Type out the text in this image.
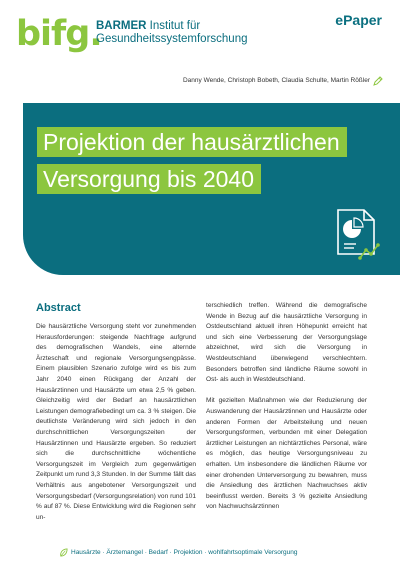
bifg.
BARMER Institut für
Gesundheitssystemforschung
ePaper
Danny Wende, Christoph Bobeth, Claudia Schulte, Martin Rößler
Projektion der hausärztlichen
Versorgung bis 2040
Abstract

Die hausärztliche Versorgung steht vor zunehmenden Herausforderungen: steigende Nachfrage aufgrund des demografischen Wandels, eine alternde Ärzteschaft und regionale Versorgungsengpässe. Einem plausiblen Szenario zufolge wird es bis zum Jahr 2040 einen Rückgang der Anzahl der Hausärztinnen und Hausärzte um etwa 2,5 % geben. Gleichzeitig wird der Bedarf an hausärztlichen Leistungen demografiebedingt um ca. 3 % steigen. Die deutlichste Veränderung wird sich jedoch in den durchschnittlichen Versorgungszeiten der Hausärztinnen und Hausärzte ergeben. So reduziert sich die durchschnittliche wöchentliche Versorgungszeit im Vergleich zum gegenwärtigen Zeitpunkt um rund 3,3 Stunden. In der Summe fällt das Verhältnis aus angebotener Versorgungszeit und Versorgungsbedarf (Versorgungsrelation) von rund 101 % auf 87 %. Diese Entwicklung wird die Regionen sehr un-

terschiedlich treffen. Während die demografische Wende in Bezug auf die hausärztliche Versorgung in Ostdeutschland aktuell ihren Höhepunkt erreicht hat und sich eine Verbesserung der Versorgungslage abzeichnet, wird sich die Versorgung in Westdeutschland überwiegend verschlechtern. Besonders betroffen sind ländliche Räume sowohl in Ost- als auch in Westdeutschland.

Mit gezielten Maßnahmen wie der Reduzierung der Auswanderung der Hausärztinnen und Hausärzte oder anderen Formen der Arbeitsteilung und neuen Versorgungsformen, verbunden mit einer Delegation ärztlicher Leistungen an nichtärztliches Personal, wäre es möglich, das heutige Versorgungsniveau zu erhalten. Um insbesondere die ländlichen Räume vor einer drohenden Unterversorgung zu bewahren, muss die Ansiedlung des ärztlichen Nachwuchses aktiv beeinflusst werden. Bereits 3 % gezielte Ansiedlung von Nachwuchsärztinnen

Hausärzte · Ärztemangel · Bedarf · Projektion · wohlfahrtsoptimale Versorgung
